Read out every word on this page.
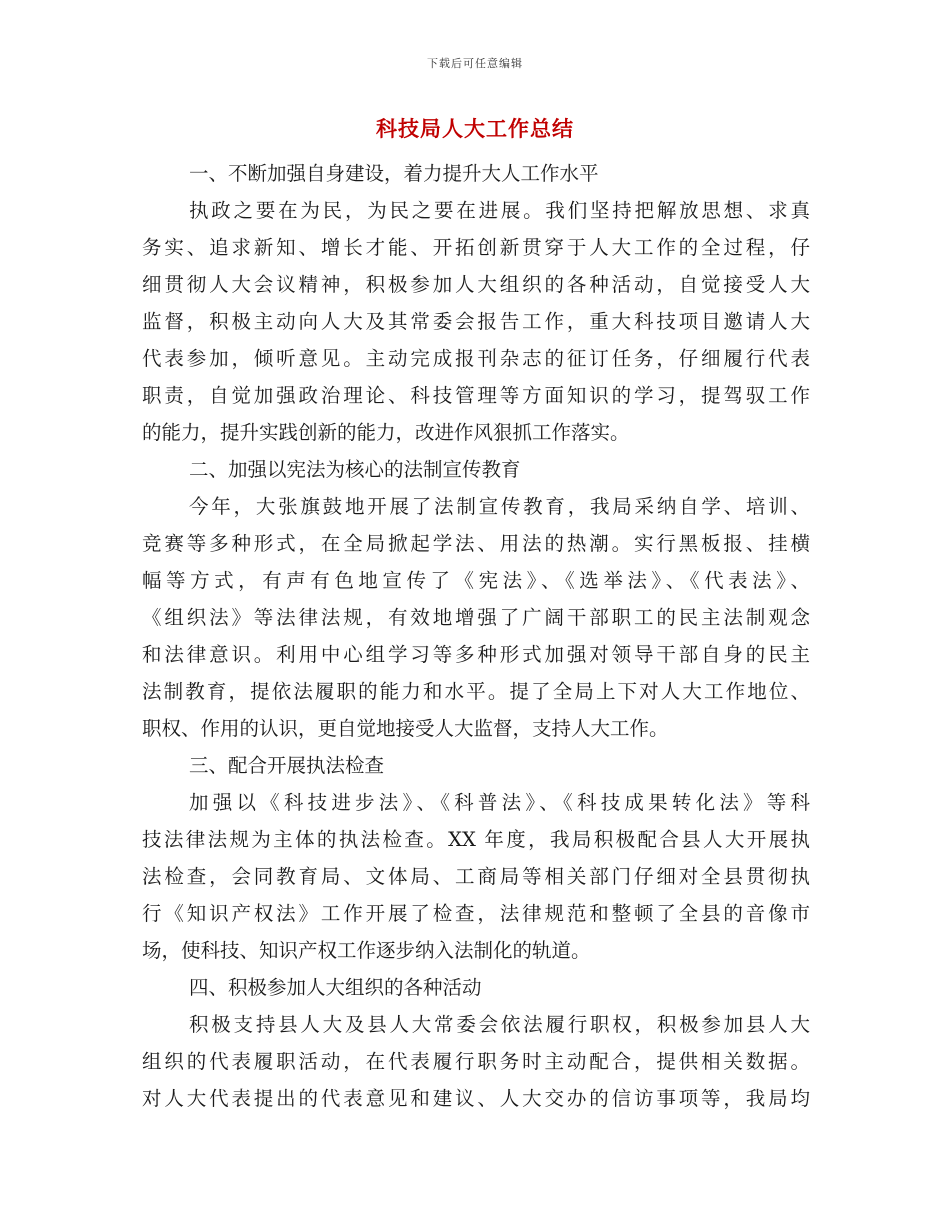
下载后可任意编辑
科技局人大工作总结
一、不断加强自身建设，着力提升大人工作水平
执政之要在为民，为民之要在进展。我们坚持把解放思想、求真
务实、追求新知、增长才能、开拓创新贯穿于人大工作的全过程，仔
细贯彻人大会议精神，积极参加人大组织的各种活动，自觉接受人大
监督，积极主动向人大及其常委会报告工作，重大科技项目邀请人大
代表参加，倾听意见。主动完成报刊杂志的征订任务，仔细履行代表
职责，自觉加强政治理论、科技管理等方面知识的学习，提驾驭工作
的能力，提升实践创新的能力，改进作风狠抓工作落实。
二、加强以宪法为核心的法制宣传教育
今年，大张旗鼓地开展了法制宣传教育，我局采纳自学、培训、
竞赛等多种形式，在全局掀起学法、用法的热潮。实行黑板报、挂横
幅等方式，有声有色地宣传了《宪法》、《选举法》、《代表法》、
《组织法》等法律法规，有效地增强了广阔干部职工的民主法制观念
和法律意识。利用中心组学习等多种形式加强对领导干部自身的民主
法制教育，提依法履职的能力和水平。提了全局上下对人大工作地位、
职权、作用的认识，更自觉地接受人大监督，支持人大工作。
三、配合开展执法检查
加强以《科技进步法》、《科普法》、《科技成果转化法》等科
技法律法规为主体的执法检查。XX 年度，我局积极配合县人大开展执
法检查，会同教育局、文体局、工商局等相关部门仔细对全县贯彻执
行《知识产权法》工作开展了检查，法律规范和整顿了全县的音像市
场，使科技、知识产权工作逐步纳入法制化的轨道。
四、积极参加人大组织的各种活动
积极支持县人大及县人大常委会依法履行职权，积极参加县人大
组织的代表履职活动，在代表履行职务时主动配合，提供相关数据。
对人大代表提出的代表意见和建议、人大交办的信访事项等，我局均
